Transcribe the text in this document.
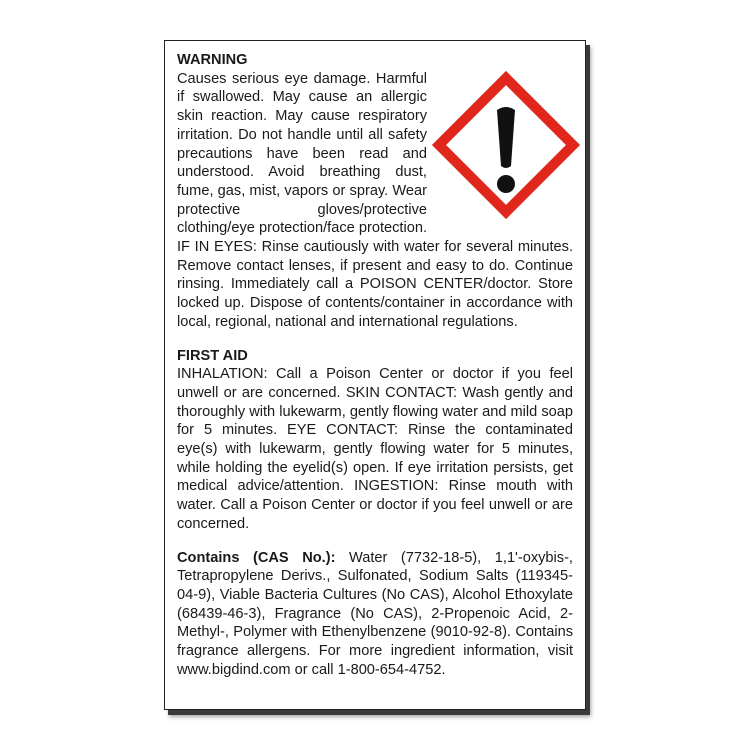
WARNING

Causes serious eye damage. Harmful if swallowed. May cause an allergic skin reaction. May cause respiratory irritation. Do not handle until all safety precautions have been read and understood. Avoid breathing dust, fume, gas, mist, vapors or spray. Wear protective gloves/protective clothing/eye protection/face protection. IF IN EYES: Rinse cautiously with water for several minutes. Remove contact lenses, if present and easy to do. Continue rinsing. Immediately call a POISON CENTER/doctor. Store locked up. Dispose of contents/container in accordance with local, regional, national and international regulations.

FIRST AID

INHALATION: Call a Poison Center or doctor if you feel unwell or are concerned. SKIN CONTACT: Wash gently and thoroughly with lukewarm, gently flowing water and mild soap for 5 minutes. EYE CONTACT: Rinse the contaminated eye(s) with lukewarm, gently flowing water for 5 minutes, while holding the eyelid(s) open. If eye irritation persists, get medical advice/attention. INGESTION: Rinse mouth with water. Call a Poison Center or doctor if you feel unwell or are concerned.

Contains (CAS No.): Water (7732-18-5), 1,1'-oxybis-, Tetrapropylene Derivs., Sulfonated, Sodium Salts (119345-04-9), Viable Bacteria Cultures (No CAS), Alcohol Ethoxylate (68439-46-3), Fragrance (No CAS), 2-Propenoic Acid, 2-Methyl-, Polymer with Ethenylbenzene (9010-92-8). Contains fragrance allergens. For more ingredient information, visit www.bigdind.com or call 1-800-654-4752.
